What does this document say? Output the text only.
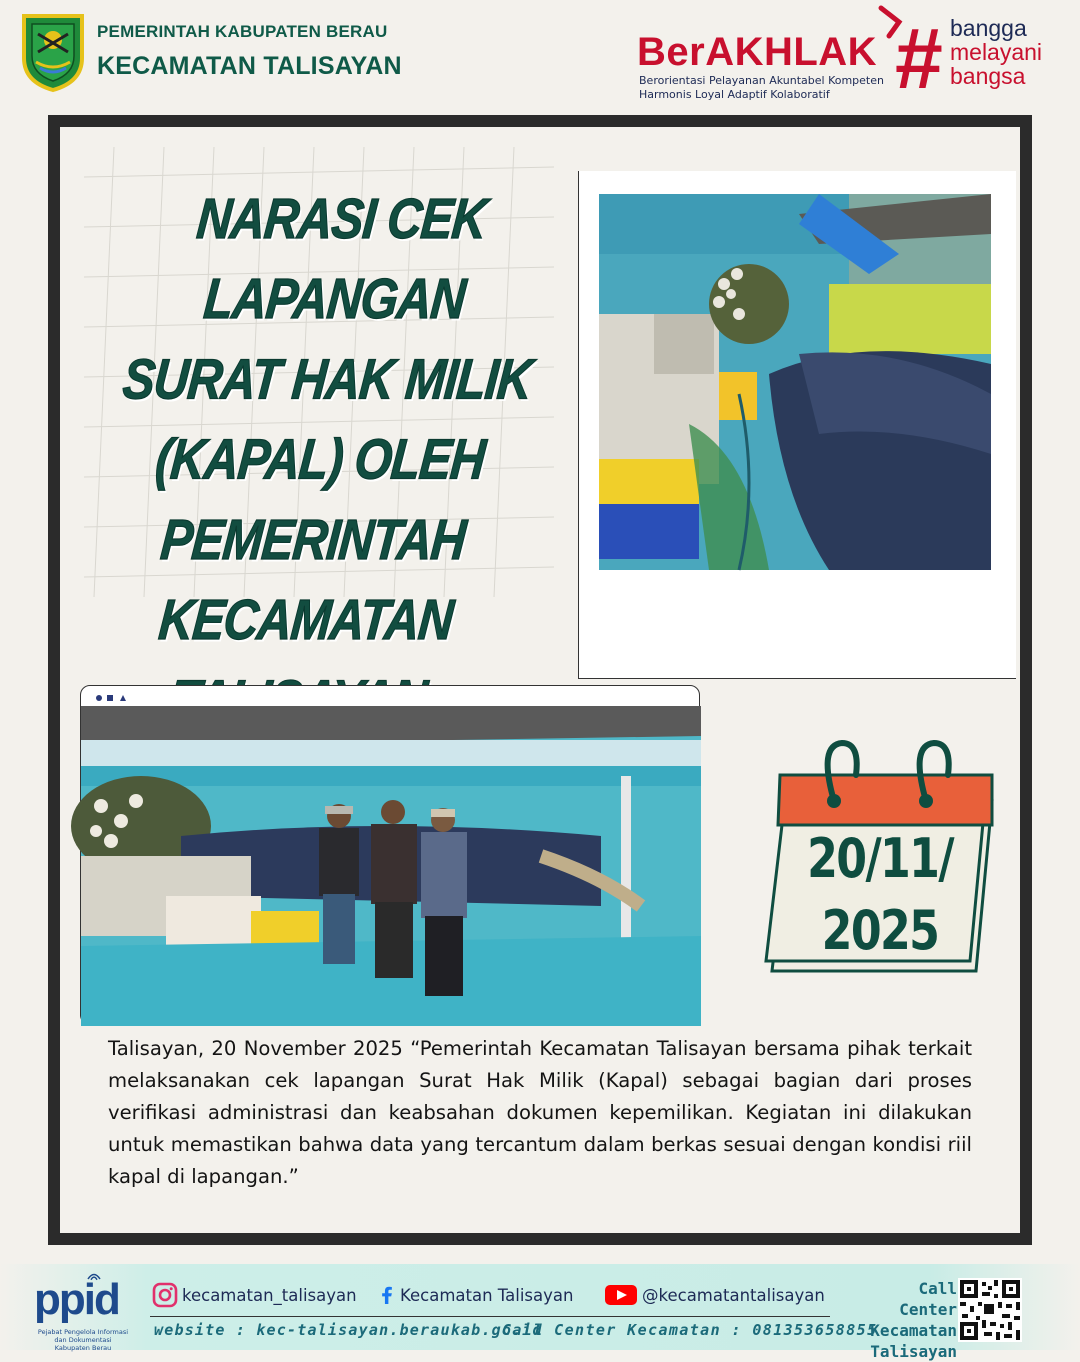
PEMERINTAH KABUPATEN BERAU
KECAMATAN TALISAYAN	BerAKHLAK
Berorientasi Pelayanan Akuntabel Kompeten
Harmonis Loyal Adaptif Kolaboratif # bangga
melayani
bangsa
NARASI CEK LAPANGAN
SURAT HAK MILIK
(KAPAL) OLEH PEMERINTAH
KECAMATAN
20/11/
2025

Talisayan, 20 November 2025 “Pemerintah Kecamatan Talisayan bersama pihak terkait melaksanakan cek lapangan Surat Hak Milik (Kapal) sebagai bagian dari proses verifikasi administrasi dan keabsahan dokumen kepemilikan. Kegiatan ini dilakukan untuk memastikan bahwa data yang tercantum dalam berkas sesuai dengan kondisi riil kapal di lapangan.”

ppid
Pejabat Pengelola Informasi dan Dokumentasi Kabupaten Berau
kecamatan_talisayan	Kecamatan Talisayan	@kecamatantalisayan
website : kec-talisayan.beraukab.go.id
Call Center Kecamatan : 081353658855
Call Center
Kecamatan
Talisayan
